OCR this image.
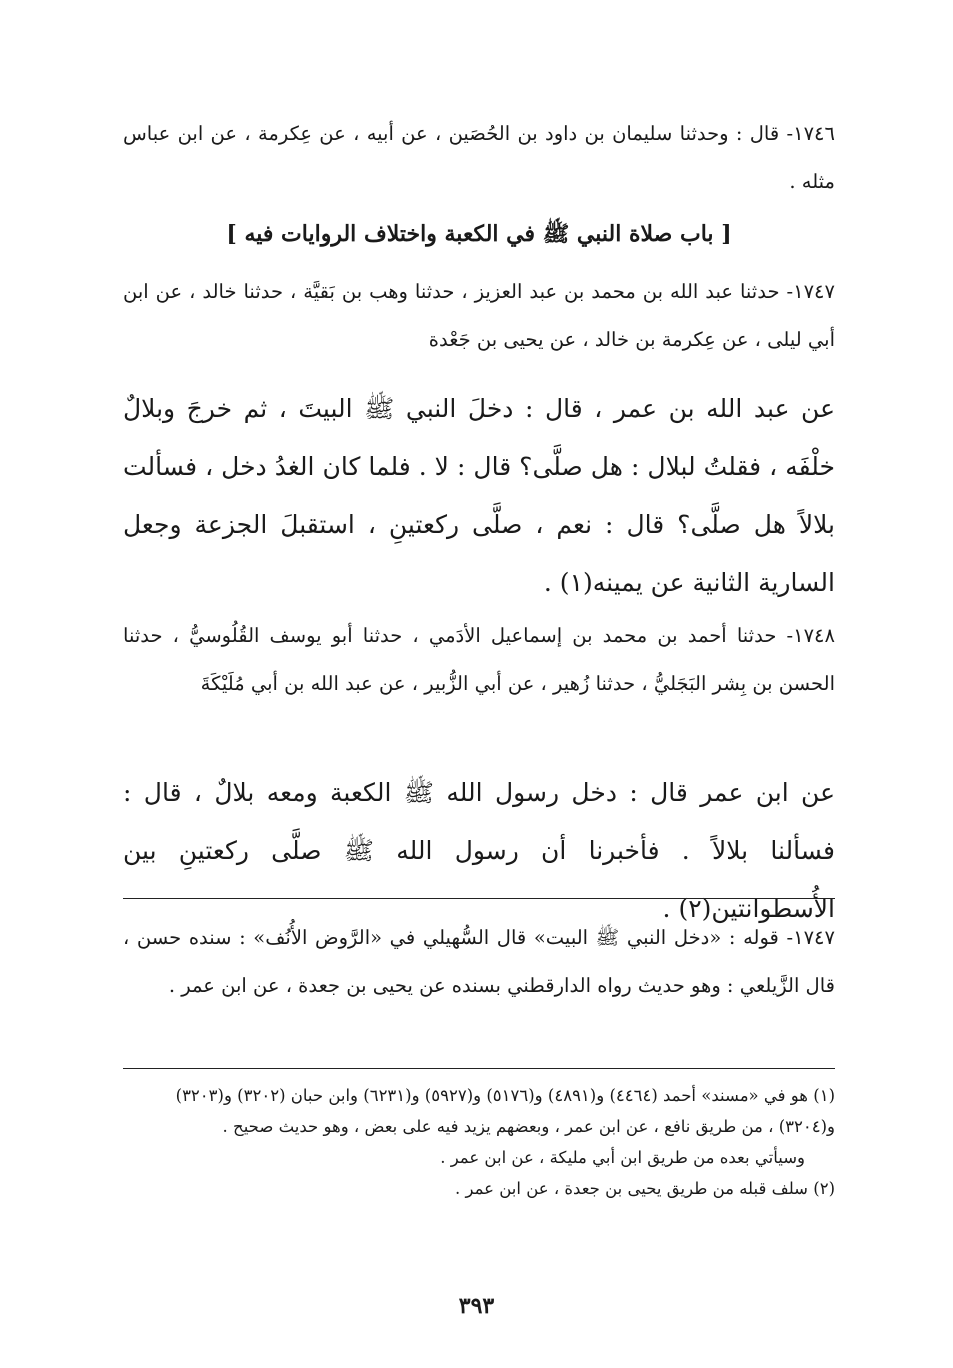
١٧٤٦- قال : وحدثنا سليمان بن داود بن الحُصَين ، عن أبيه ، عن عِكرمة ، عن ابن عباس مثله .

[ باب صلاة النبي ﷺ في الكعبة واختلاف الروايات فيه ]

١٧٤٧- حدثنا عبد الله بن محمد بن عبد العزيز ، حدثنا وهب بن بَقيَّة ، حدثنا خالد ، عن ابن أبي ليلى ، عن عِكرمة بن خالد ، عن يحيى بن جَعْدة

عن عبد الله بن عمر ، قال : دخلَ النبي ﷺ البيتَ ، ثم خرجَ وبلالٌ خلْفَه ، فقلتُ لبلال : هل صلَّى؟ قال : لا . فلما كان الغدُ دخل ، فسألت بلالاً هل صلَّى؟ قال : نعم ، صلَّى ركعتينِ ، استقبلَ الجزعة وجعل السارية الثانية عن يمينه(١) .

١٧٤٨- حدثنا أحمد بن محمد بن إسماعيل الأدَمي ، حدثنا أبو يوسف القُلُوسيُّ ، حدثنا الحسن بن بِشر البَجَليُّ ، حدثنا زُهير ، عن أبي الزُّبير ، عن عبد الله بن أبي مُلَيْكَةَ

عن ابن عمر قال : دخل رسول الله ﷺ الكعبة ومعه بلالٌ ، قال : فسألنا بلالاً . فأخبرنا أن رسول الله ﷺ صلَّى ركعتينِ بين الأُسطوانتين(٢) .

١٧٤٧- قوله : «دخل النبي ﷺ البيت» قال السُّهيلي في «الرَّوض الأُنُف» : سنده حسن ، قال الزَّيلعي : وهو حديث رواه الدارقطني بسنده عن يحيى بن جعدة ، عن ابن عمر .

(١) هو في «مسند» أحمد (٤٤٦٤) و(٤٨٩١) و(٥١٧٦) و(٥٩٢٧) و(٦٢٣١) وابن حبان (٣٢٠٢) و(٣٢٠٣) و(٣٢٠٤) ، من طريق نافع ، عن ابن عمر ، وبعضهم يزيد فيه على بعض ، وهو حديث صحيح .

وسيأتي بعده من طريق ابن أبي مليكة ، عن ابن عمر .

(٢) سلف قبله من طريق يحيى بن جعدة ، عن ابن عمر .

٣٩٣
